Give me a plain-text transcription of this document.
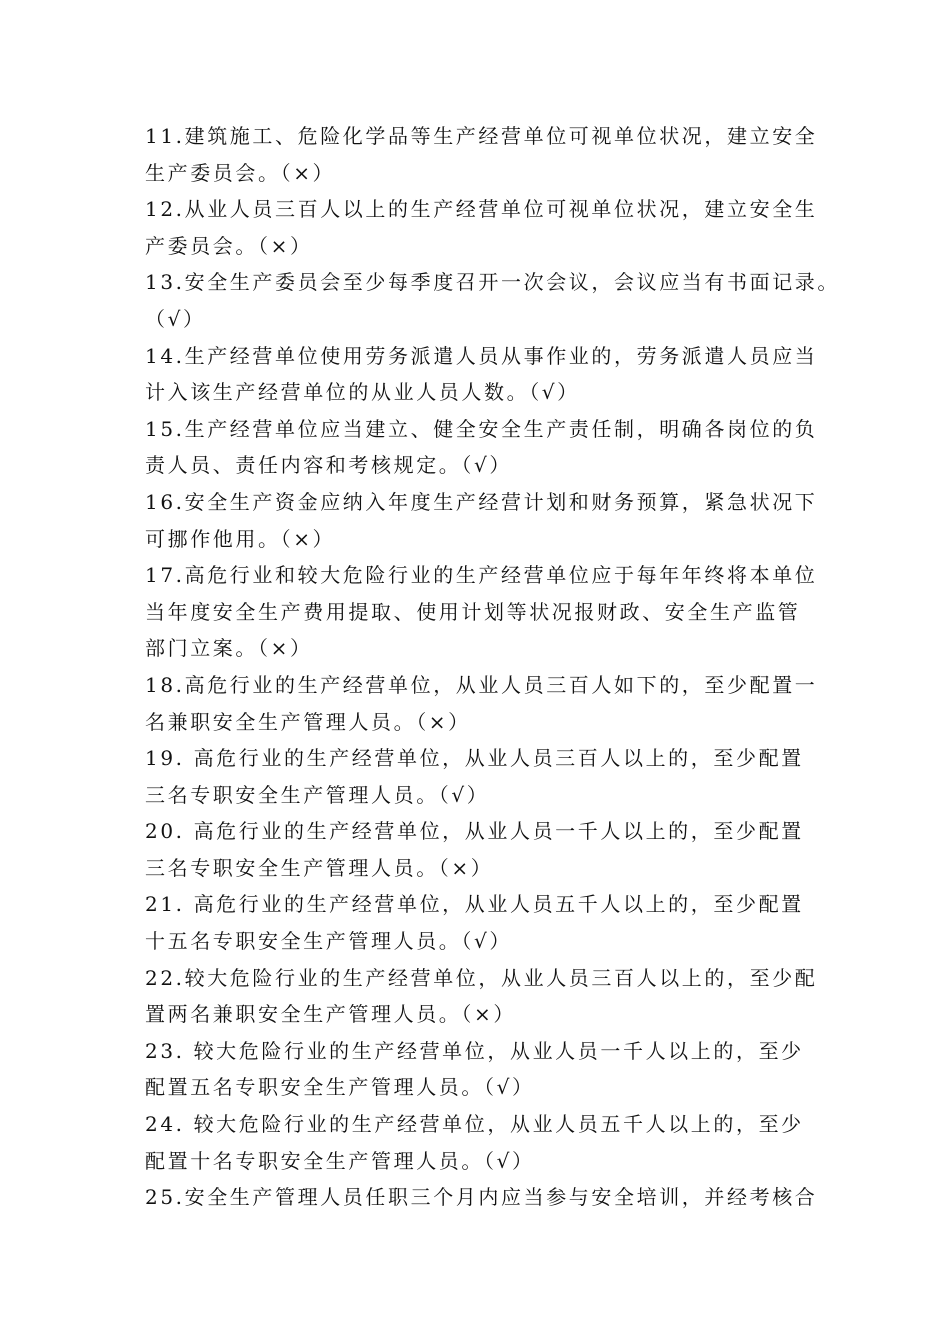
11.建筑施工、危险化学品等生产经营单位可视单位状况，建立安全
生产委员会。（×）
12.从业人员三百人以上的生产经营单位可视单位状况，建立安全生
产委员会。（×）
13.安全生产委员会至少每季度召开一次会议，会议应当有书面记录。
（√）
14.生产经营单位使用劳务派遣人员从事作业的，劳务派遣人员应当
计入该生产经营单位的从业人员人数。（√）
15.生产经营单位应当建立、健全安全生产责任制，明确各岗位的负
责人员、责任内容和考核规定。（√）
16.安全生产资金应纳入年度生产经营计划和财务预算，紧急状况下
可挪作他用。（×）
17.高危行业和较大危险行业的生产经营单位应于每年年终将本单位
当年度安全生产费用提取、使用计划等状况报财政、安全生产监管
部门立案。（×）
18.高危行业的生产经营单位，从业人员三百人如下的，至少配置一
名兼职安全生产管理人员。（×）
19. 高危行业的生产经营单位，从业人员三百人以上的，至少配置
三名专职安全生产管理人员。（√）
20. 高危行业的生产经营单位，从业人员一千人以上的，至少配置
三名专职安全生产管理人员。（×）
21. 高危行业的生产经营单位，从业人员五千人以上的，至少配置
十五名专职安全生产管理人员。（√）
22.较大危险行业的生产经营单位，从业人员三百人以上的，至少配
置两名兼职安全生产管理人员。（×）
23. 较大危险行业的生产经营单位，从业人员一千人以上的，至少
配置五名专职安全生产管理人员。（√）
24. 较大危险行业的生产经营单位，从业人员五千人以上的，至少
配置十名专职安全生产管理人员。（√）
25.安全生产管理人员任职三个月内应当参与安全培训，并经考核合
